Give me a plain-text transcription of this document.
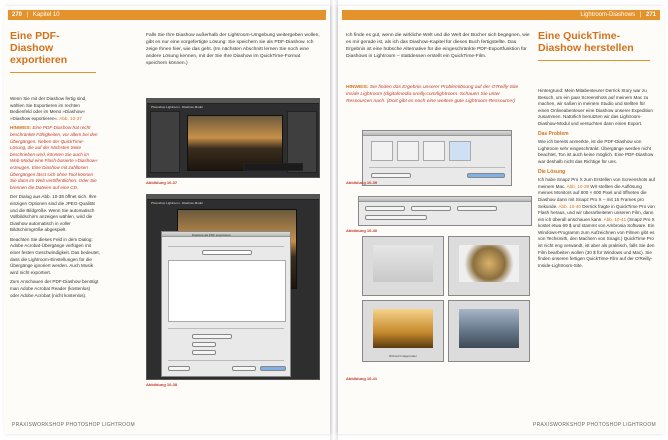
270 | Kapitel 10
Eine PDF-Diashow exportieren

Falls Sie Ihre Diashow außerhalb der Lightroom-Umgebung weitergeben wollen, gibt es nur eine vorgefertigte Lösung: Sie speichern sie als PDF-Diashow. Ich zeige Ihnen hier, wie das geht. (Im nächsten Abschnitt lernen Sie noch eine andere Lösung kennen, mit der Sie Ihre Diashow im QuickTime-Format speichern können.)

Wenn Sie mit der Diashow fertig sind, wählen Sie Exportieren im rechten Bedienfeld oder im Menü »Diashow« »Diashow exportieren«. Abb. 10-37

HINWEIS: Eine PDF-Diashow hat recht beschränkte Fähigkeiten, vor allem bei den Übergängen. Neben der QuickTime-Lösung, die auf der nächsten Seite beschrieben wird, könnten Sie auch im Web-Modul eine Flash-basierte »Diashow« erzeugen. Eine Diashow mit zahllosen Übergängen lässt sich ohne Tool können Sie dann im Web veröffentlichen. Oder Sie brennen die Dateien auf eine CD.

Der Dialog aus Abb. 10-38 öffnet sich. Ihre einzigen Optionen sind die JPEG-Qualität und die Bildgröße. Wenn Sie automatisch Vollbildschirm anzeigen wählen, wird die Diashow automatisch in voller Bildschirmgröße abgespielt.

Beachten Sie dieses Feld in dem Dialog: Adobe Acrobat-Übergänge verfügen mit einer festen Geschwindigkeit. Das bedeutet, dass die Lightroom-Einstellungen für die Übergänge ignoriert werden. Auch Musik wird nicht exportiert.

Zum Anschauen der PDF-Diashow benötigt man Adobe Acrobat Reader (kostenlos) oder Adobe Acrobat (nicht kostenlos).

Photoshop Lightroom - Diashow-Modul
Abbildung 10-37
Photoshop Lightroom - Diashow-Modul
Diashow als PDF exportieren
Abbildung 10-38
PRAXISWORKSHOP PHOTOSHOP LIGHTROOM
Lightroom-Diashows | 271

Ich finde es gut, wenn die wirkliche Welt und die Welt der Bücher sich begegnen, wie es mir gerade ist, als ich das Diashow-Kapitel für dieses Buch fertigstellte. Das Ergebnis ist eine hübsche Alternative für die eingeschränkte PDF-Exportfunktion für Diashows in Lightroom – stattdessen erstellt ein QuickTime-Film.

HINWEIS: Sie finden das Ergebnis unserer Problemlösung auf der O'Reilly-Site Inside Lightroom (digitalmedia.oreilly.com/lightroom. Schauen Sie unter Ressourcen nach. (Dort gibt es noch eine weitere gute Lightroom-Ressource!)
Eine QuickTime-Diashow herstellen
Abbildung 10-39
Abbildung 10-40
Richard Imagemaker
Abbildung 10-41

Hintergrund: Mein Mitabenteurer Derrick Story war zu Besuch, um ein paar Screenshots auf meinem Mac zu machen, wir saßen in meinem Studio und stellten für einen Onlineabenteuer eine Diashow unserer Expedition zusammen. Natürlich benutzten wir das Lightroom-Diashow-Modul und versuchten dann einen Export.

Das Problem

Wie ich bereits anmerkte, ist die PDF-Diashow von Lightroom sehr eingeschränkt. Übergänge werden nicht beachtet, Ton ist auch keine möglich. Eine PDF-Diashow war deshalb nicht das Richtige für uns.

Die Lösung

Ich habe Snapz Pro X zum Erstellen von Screenshots auf meinem Mac. Abb. 10-39 Wir stellten die Auflösung meines Monitors auf 800 × 600 Pixel und öffneten die Diashow dann mit Snapz Pro X – mit 15 Frames pro Sekunde. Abb. 10-40 Derrick fragte in QuickTime Pro von Flash heraus, und wir überarbeiteten unseren Film, dann ein ich überall anschauen kann. Abb. 10-41 (Snapz Pro X kostet etwa 69 $ und stammt von Ambrosia Software. Ein Windows-Programm zum Aufzeichnen von Filmen gibt es von Techsmith, den Machern von Snagit.) QuickTime Pro ist nicht eng verwandt, ist aber als praktisch, falls Sie den Film bearbeiten wollen (30 $ für Windows und Mac). Sie finden unseren fertigen QuickTime-Film auf der O'Reilly-Inside-Lightroom-Site.

PRAXISWORKSHOP PHOTOSHOP LIGHTROOM
